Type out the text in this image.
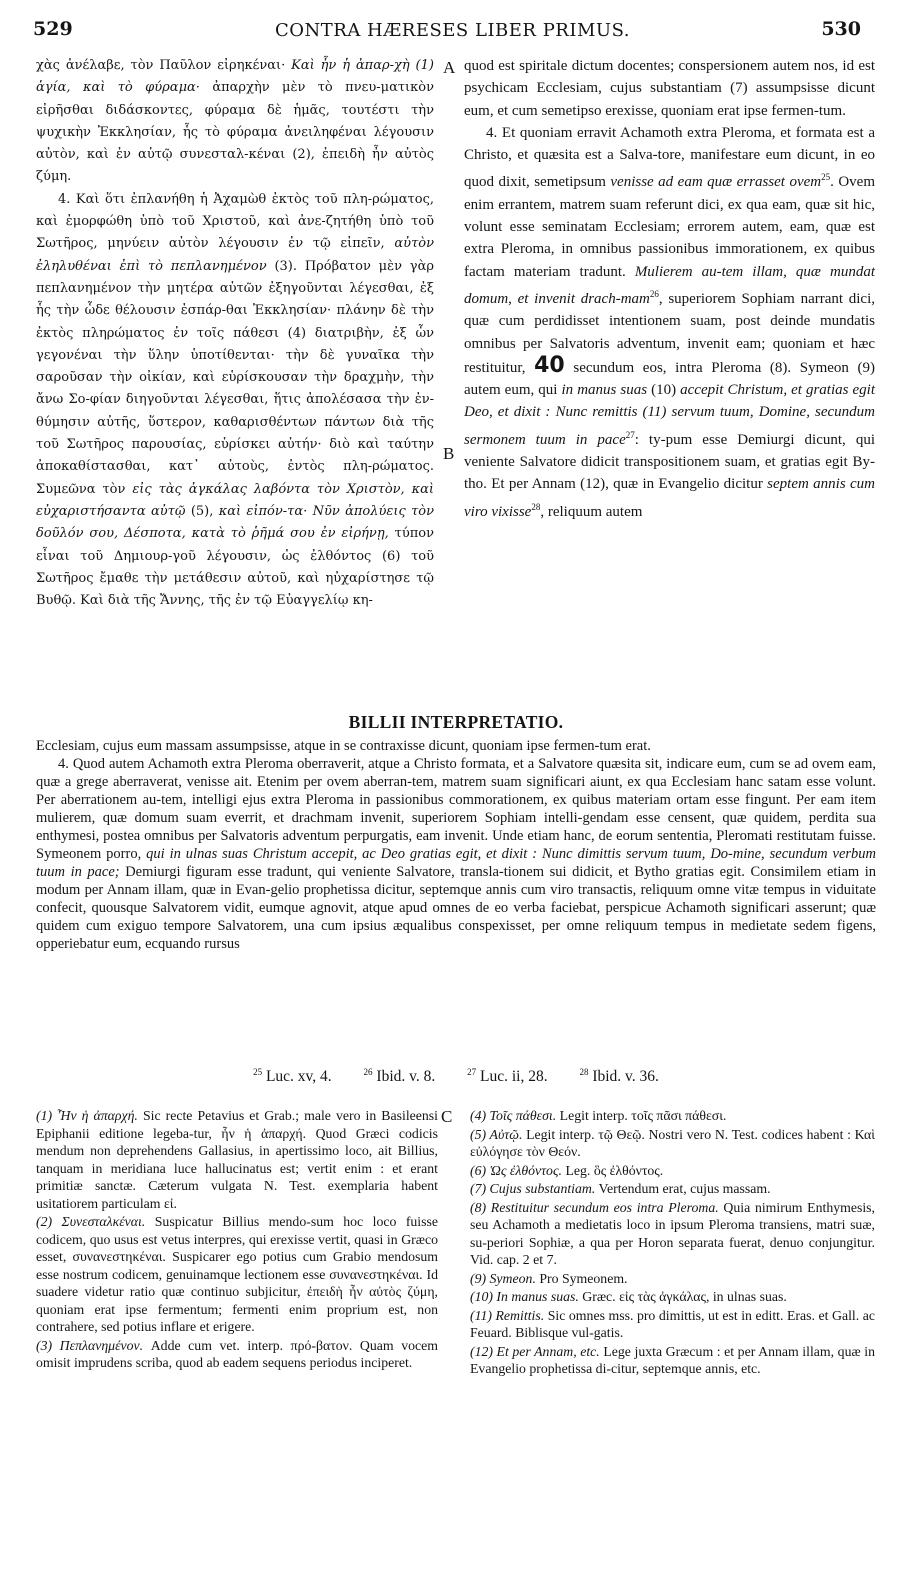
529	CONTRA HÆRESES LIBER PRIMUS.	530
A
B
C

χὰς ἀνέλαβε, τὸν Παῦλον εἰρηκέναι· Καὶ ἦν ἡ ἀπαρ-χὴ (1) ἁγία, καὶ τὸ φύραμα· ἀπαρχὴν μὲν τὸ πνευ-ματικὸν εἰρῆσθαι διδάσκοντες, φύραμα δὲ ἡμᾶς, τουτέστι τὴν ψυχικὴν Ἐκκλησίαν, ἧς τὸ φύραμα ἀνειληφέναι λέγουσιν αὐτὸν, καὶ ἐν αὐτῷ συνεσταλ-κέναι (2), ἐπειδὴ ἦν αὐτὸς ζύμη.

4. Καὶ ὅτι ἐπλανήθη ἡ Ἀχαμὼθ ἐκτὸς τοῦ πλη-ρώματος, καὶ ἐμορφώθη ὑπὸ τοῦ Χριστοῦ, καὶ ἀνε-ζητήθη ὑπὸ τοῦ Σωτῆρος, μηνύειν αὐτὸν λέγουσιν ἐν τῷ εἰπεῖν, αὐτὸν ἐληλυθέναι ἐπὶ τὸ πεπλανημένον (3). Πρόβατον μὲν γὰρ πεπλανημένον τὴν μητέρα αὐτῶν ἐξηγοῦνται λέγεσθαι, ἐξ ἧς τὴν ὧδε θέλουσιν ἐσπάρ-θαι Ἐκκλησίαν· πλάνην δὲ τὴν ἐκτὸς πληρώματος ἐν τοῖς πάθεσι (4) διατριβὴν, ἐξ ὧν γεγονέναι τὴν ὕλην ὑποτίθενται· τὴν δὲ γυναῖκα τὴν σαροῦσαν τὴν οἰκίαν, καὶ εὑρίσκουσαν τὴν δραχμὴν, τὴν ἄνω Σο-φίαν διηγοῦνται λέγεσθαι, ἥτις ἀπολέσασα τὴν ἐν-θύμησιν αὐτῆς, ὕστερον, καθαρισθέντων πάντων διὰ τῆς τοῦ Σωτῆρος παρουσίας, εὑρίσκει αὐτήν· διὸ καὶ ταύτην ἀποκαθίστασθαι, κατ᾽ αὐτοὺς, ἐντὸς πλη-ρώματος. Συμεῶνα τὸν εἰς τὰς ἀγκάλας λαβόντα τὸν Χριστὸν, καὶ εὐχαριστήσαντα αὐτῷ (5), καὶ εἰπόν-τα· Νῦν ἀπολύεις τὸν δοῦλόν σου, Δέσποτα, κατὰ τὸ ῥῆμά σου ἐν εἰρήνῃ, τύπον εἶναι τοῦ Δημιουρ-γοῦ λέγουσιν, ὡς ἐλθόντος (6) τοῦ Σωτῆρος ἔμαθε τὴν μετάθεσιν αὐτοῦ, καὶ ηὐχαρίστησε τῷ Βυθῷ. Καὶ διὰ τῆς Ἄννης, τῆς ἐν τῷ Εὐαγγελίῳ κη-

quod est spiritale dictum docentes; conspersionem autem nos, id est psychicam Ecclesiam, cujus substantiam (7) assumpsisse dicunt eum, et cum semetipso erexisse, quoniam erat ipse fermen-tum.

4. Et quoniam erravit Achamoth extra Pleroma, et formata est a Christo, et quæsita est a Salva-tore, manifestare eum dicunt, in eo quod dixit, semetipsum venisse ad eam quæ errasset ovem$^{25}$. Ovem enim errantem, matrem suam referunt dici, ex qua eam, quæ sit hic, volunt esse seminatam Ecclesiam; errorem autem, eam, quæ est extra Pleroma, in omnibus passionibus immorationem, ex quibus factam materiam tradunt. Mulierem au-tem illam, quæ mundat domum, et invenit drach-mam$^{26}$, superiorem Sophiam narrant dici, quæ cum perdidisset intentionem suam, post deinde mundatis omnibus per Salvatoris adventum, invenit eam; quoniam et hæc restituitur, 40 secundum eos, intra Pleroma (8). Symeon (9) autem eum, qui in manus suas (10) accepit Christum, et gratias egit Deo, et dixit : Nunc remittis (11) servum tuum, Domine, secundum sermonem tuum in pace$^{27}$: ty-pum esse Demiurgi dicunt, qui veniente Salvatore didicit transpositionem suam, et gratias egit By-tho. Et per Annam (12), quæ in Evangelio dicitur septem annis cum viro vixisse$^{28}$, reliquum autem

BILLII INTERPRETATIO.

Ecclesiam, cujus eum massam assumpsisse, atque in se contraxisse dicunt, quoniam ipse fermen-tum erat.

4. Quod autem Achamoth extra Pleroma oberraverit, atque a Christo formata, et a Salvatore quæsita sit, indicare eum, cum se ad ovem eam, quæ a grege aberraverat, venisse ait. Etenim per ovem aberran-tem, matrem suam significari aiunt, ex qua Ecclesiam hanc satam esse volunt. Per aberrationem au-tem, intelligi ejus extra Pleroma in passionibus commorationem, ex quibus materiam ortam esse fingunt. Per eam item mulierem, quæ domum suam everrit, et drachmam invenit, superiorem Sophiam intelli-gendam esse censent, quæ quidem, perdita sua enthymesi, postea omnibus per Salvatoris adventum perpurgatis, eam invenit. Unde etiam hanc, de eorum sententia, Pleromati restitutam fuisse. Symeonem porro, qui in ulnas suas Christum accepit, ac Deo gratias egit, et dixit : Nunc dimittis servum tuum, Do-mine, secundum verbum tuum in pace; Demiurgi figuram esse tradunt, qui veniente Salvatore, transla-tionem sui didicit, et Bytho gratias egit. Consimilem etiam in modum per Annam illam, quæ in Evan-gelio prophetissa dicitur, septemque annis cum viro transactis, reliquum omne vitæ tempus in viduitate confecit, quousque Salvatorem vidit, eumque agnovit, atque apud omnes de eo verba faciebat, perspicue Achamoth significari asserunt; quæ quidem cum exiguo tempore Salvatorem, una cum ipsius æqualibus conspexisset, per omne reliquum tempus in medietate sedem figens, opperiebatur eum, ecquando rursus

$^{25}$ Luc. xv, 4.	$^{26}$ Ibid. v. 8.	$^{27}$ Luc. ii, 28.	$^{28}$ Ibid. v. 36.

(1) Ἦν ἡ ἀπαρχή. Sic recte Petavius et Grab.; male vero in Basileensi Epiphanii editione legeba-tur, ἦν ἡ ἀπαρχή. Quod Græci codicis mendum non deprehendens Gallasius, in apertissimo loco, ait Billius, tanquam in meridiana luce hallucinatus est; vertit enim : et erant primitiæ sanctæ. Cæterum vulgata N. Test. exemplaria habent usitatiorem particulam εἰ.

(2) Συνεσταλκέναι. Suspicatur Billius mendo-sum hoc loco fuisse codicem, quo usus est vetus interpres, qui erexisse vertit, quasi in Græco esset, συνανεστηκέναι. Suspicarer ego potius cum Grabio mendosum esse nostrum codicem, genuinamque lectionem esse συνανεστηκέναι. Id suadere videtur ratio quæ continuo subjicitur, ἐπειδὴ ἦν αὐτὸς ζύμη, quoniam erat ipse fermentum; fermenti enim proprium est, non contrahere, sed potius inflare et erigere.

(3) Πεπλανημένον. Adde cum vet. interp. πρό-βατον. Quam vocem omisit imprudens scriba, quod ab eadem sequens periodus inciperet.

(4) Τοῖς πάθεσι. Legit interp. τοῖς πᾶσι πάθεσι.

(5) Αὐτῷ. Legit interp. τῷ Θεῷ. Nostri vero N. Test. codices habent : Καὶ εὐλόγησε τὸν Θεόν.

(6) Ὡς ἐλθόντος. Leg. ὃς ἐλθόντος.

(7) Cujus substantiam. Vertendum erat, cujus massam.

(8) Restituitur secundum eos intra Pleroma. Quia nimirum Enthymesis, seu Achamoth a medietatis loco in ipsum Pleroma transiens, matri suæ, su-periori Sophiæ, a qua per Horon separata fuerat, denuo conjungitur. Vid. cap. 2 et 7.

(9) Symeon. Pro Symeonem.

(10) In manus suas. Græc. εἰς τὰς ἀγκάλας, in ulnas suas.

(11) Remittis. Sic omnes mss. pro dimittis, ut est in editt. Eras. et Gall. ac Feuard. Biblisque vul-gatis.

(12) Et per Annam, etc. Lege juxta Græcum : et per Annam illam, quæ in Evangelio prophetissa di-citur, septemque annis, etc.
